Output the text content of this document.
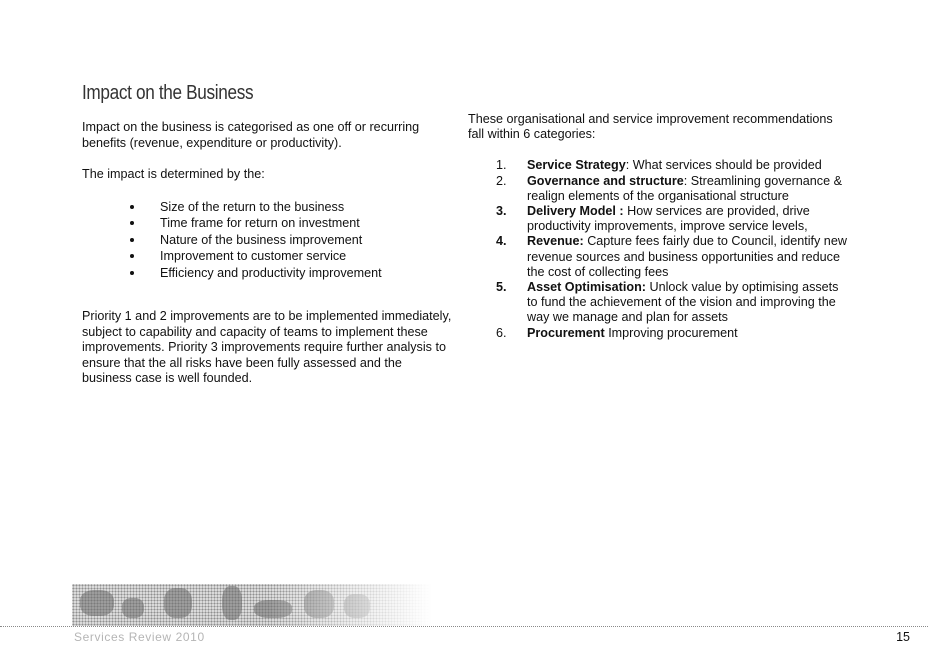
Impact on the Business

Impact on the business is categorised as one off or recurring benefits (revenue, expenditure or productivity).

The impact is determined by the:

Size of the return to the business
Time frame for return on investment
Nature of the business improvement
Improvement to customer service
Efficiency and productivity improvement

Priority 1 and 2 improvements are to be implemented immediately, subject to capability and capacity of teams to implement these improvements. Priority 3 improvements require further analysis to ensure that the all risks have been fully assessed and the business case is well founded.

These organisational and service improvement recommendations fall within 6 categories:

1. Service Strategy: What services should be provided
2. Governance and structure: Streamlining governance & realign elements of the organisational structure
3. Delivery Model : How services are provided, drive productivity improvements, improve service levels,
4. Revenue: Capture fees fairly due to Council, identify new revenue sources and business opportunities and reduce the cost of collecting fees
5. Asset Optimisation: Unlock value by optimising assets to fund the achievement of the vision and improving the way we manage and plan for assets
6. Procurement Improving procurement
Services Review 2010	15
